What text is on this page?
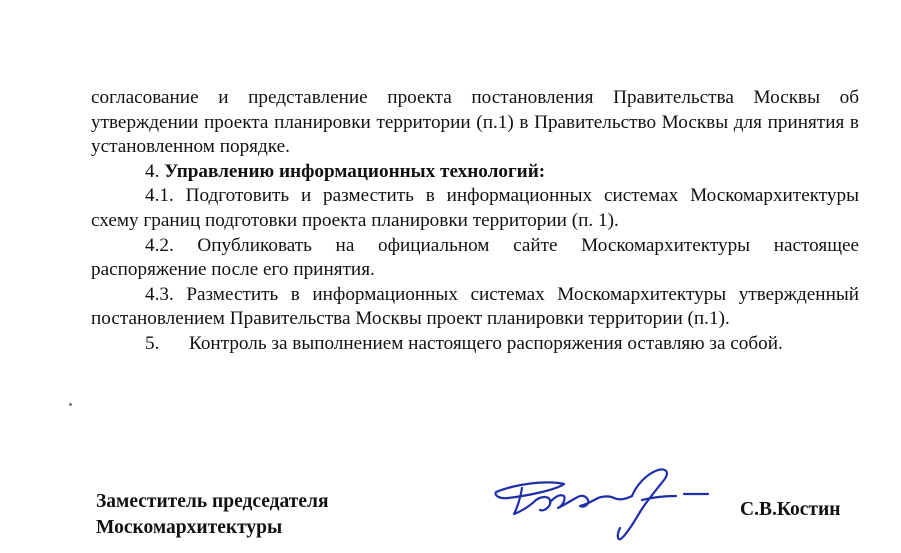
согласование и представление проекта постановления Правительства Москвы об утверждении проекта планировки территории (п.1) в Правительство Москвы для принятия в установленном порядке.

4. Управлению информационных технологий:

4.1. Подготовить и разместить в информационных системах Москомархитектуры схему границ подготовки проекта планировки территории (п. 1).

4.2. Опубликовать на официальном сайте Москомархитектуры настоящее распоряжение после его принятия.

4.3. Разместить в информационных системах Москомархитектуры утвержденный постановлением Правительства Москвы проект планировки территории (п.1).

5. Контроль за выполнением настоящего распоряжения оставляю за собой.

Заместитель председателя
Москомархитектуры
С.В.Костин
